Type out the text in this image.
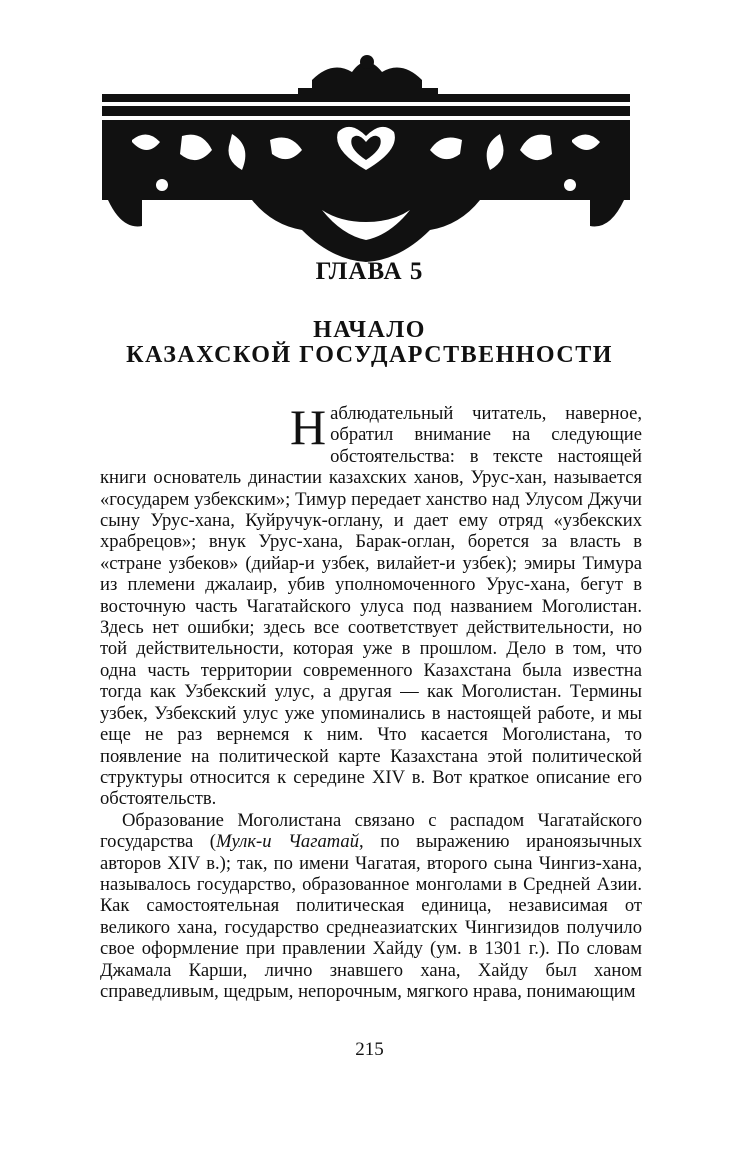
ГЛАВА 5
НАЧАЛО
КАЗАХСКОЙ ГОСУДАРСТВЕННОСТИ

Наблюдательный читатель, наверное, обратил внимание на следующие обстоятельства: в тексте настоящей книги основатель династии казахских ханов, Урус-хан, называется «государем узбекским»; Тимур передает ханство над Улусом Джучи сыну Урус-хана, Куйручук-оглану, и дает ему отряд «узбекских храбрецов»; внук Урус-хана, Барак-оглан, борется за власть в «стране узбеков» (дийар-и узбек, вилайет-и узбек); эмиры Тимура из племени джалаир, убив уполномоченного Урус-хана, бегут в восточную часть Чагатайского улуса под названием Моголистан. Здесь нет ошибки; здесь все соответствует действительности, но той действительности, которая уже в прошлом. Дело в том, что одна часть территории современного Казахстана была известна тогда как Узбекский улус, а другая — как Моголистан. Термины узбек, Узбекский улус уже упоминались в настоящей работе, и мы еще не раз вернемся к ним. Что касается Моголистана, то появление на политической карте Казахстана этой политической структуры относится к середине XIV в. Вот краткое описание его обстоятельств.

Образование Моголистана связано с распадом Чагатайского государства (Мулк-и Чагатай, по выражению ираноязычных авторов XIV в.); так, по имени Чагатая, второго сына Чингиз-хана, называлось государство, образованное монголами в Средней Азии. Как самостоятельная политическая единица, независимая от великого хана, государство среднеазиатских Чингизидов получило свое оформление при правлении Хайду (ум. в 1301 г.). По словам Джамала Карши, лично знавшего хана, Хайду был ханом справедливым, щедрым, непорочным, мягкого нрава, понимающим

215
